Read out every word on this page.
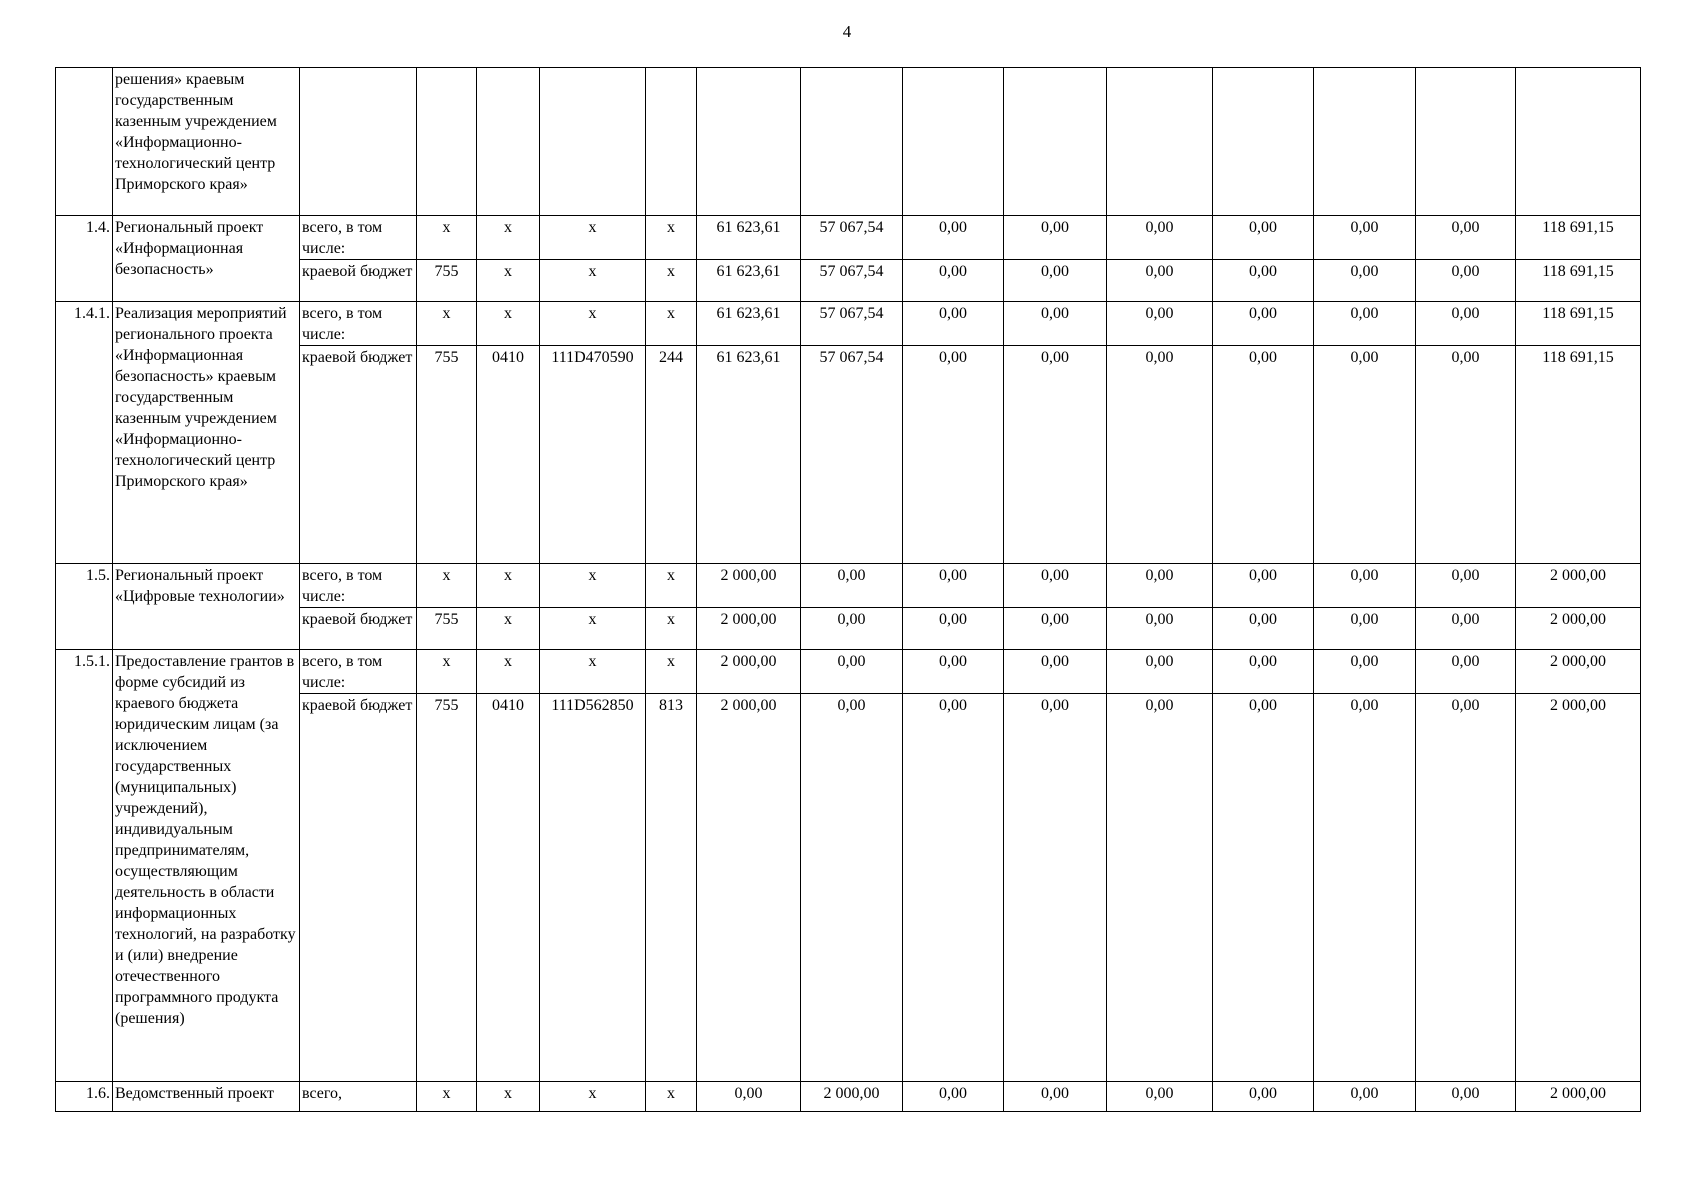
4
	решения» краевым государственным казенным учреждением «Информационно-технологический центр Приморского края»														
1.4.	Региональный проект «Информационная безопасность»	всего, в том числе:	x	x	x	x	61 623,61	57 067,54	0,00	0,00	0,00	0,00	0,00	0,00	118 691,15
		краевой бюджет	755	x	x	x	61 623,61	57 067,54	0,00	0,00	0,00	0,00	0,00	0,00	118 691,15
1.4.1.	Реализация мероприятий регионального проекта «Информационная безопасность» краевым государственным казенным учреждением «Информационно-технологический центр Приморского края»	всего, в том числе:	x	x	x	x	61 623,61	57 067,54	0,00	0,00	0,00	0,00	0,00	0,00	118 691,15
		краевой бюджет	755	0410	111D470590	244	61 623,61	57 067,54	0,00	0,00	0,00	0,00	0,00	0,00	118 691,15
1.5.	Региональный проект «Цифровые технологии»	всего, в том числе:	x	x	x	x	2 000,00	0,00	0,00	0,00	0,00	0,00	0,00	0,00	2 000,00
		краевой бюджет	755	x	x	x	2 000,00	0,00	0,00	0,00	0,00	0,00	0,00	0,00	2 000,00
1.5.1.	Предоставление грантов в форме субсидий из краевого бюджета юридическим лицам (за исключением государственных (муниципальных) учреждений), индивидуальным предпринимателям, осуществляющим деятельность в области информационных технологий, на разработку и (или) внедрение отечественного программного продукта (решения)	всего, в том числе:	x	x	x	x	2 000,00	0,00	0,00	0,00	0,00	0,00	0,00	0,00	2 000,00
		краевой бюджет	755	0410	111D562850	813	2 000,00	0,00	0,00	0,00	0,00	0,00	0,00	0,00	2 000,00
1.6.	Ведомственный проект	всего,	x	x	x	x	0,00	2 000,00	0,00	0,00	0,00	0,00	0,00	0,00	2 000,00
